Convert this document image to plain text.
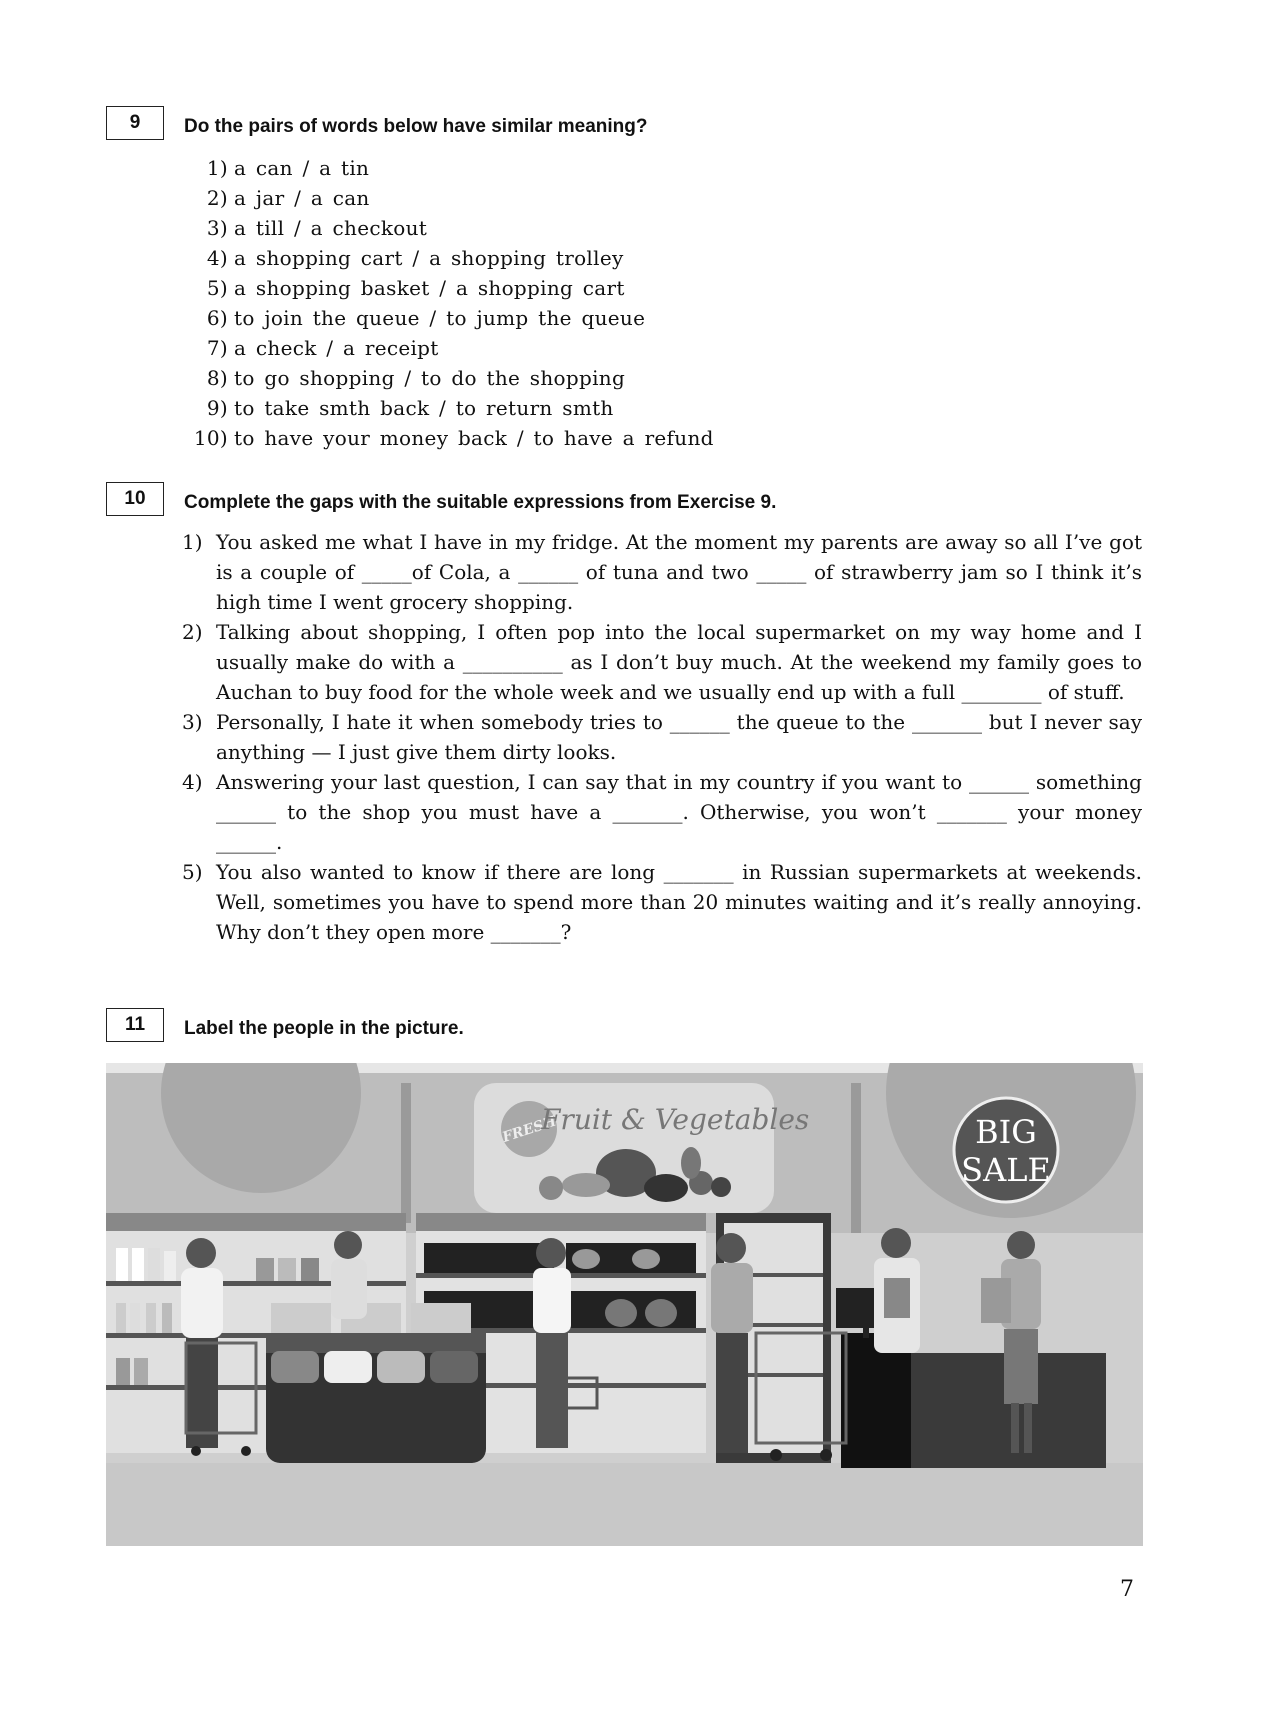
9	Do the pairs of words below have similar meaning?
1) a can / a tin
2) a jar / a can
3) a till / a checkout
4) a shopping cart / a shopping trolley
5) a shopping basket / a shopping cart
6) to join the queue / to jump the queue
7) a check / a receipt
8) to go shopping / to do the shopping
9) to take smth back / to return smth
10) to have your money back / to have a refund
10	Complete the gaps with the suitable expressions from Exercise 9.
1) You asked me what I have in my fridge. At the moment my parents are away so all I’ve got is a couple of _____of Cola, a ______ of tuna and two _____ of strawberry jam so I think it’s high time I went grocery shopping.
2) Talking about shopping, I often pop into the local supermarket on my way home and I usually make do with a __________ as I don’t buy much. At the weekend my family goes to Auchan to buy food for the whole week and we usually end up with a full ________ of stuff.
3) Personally, I hate it when somebody tries to ______ the queue to the _______ but I never say anything — I just give them dirty looks.
4) Answering your last question, I can say that in my country if you want to ______ something ______ to the shop you must have a _______. Otherwise, you won’t _______ your money ______.
5) You also wanted to know if there are long _______ in Russian supermarkets at weekends. Well, sometimes you have to spend more than 20 minutes waiting and it’s really annoying. Why don’t they open more _______?
11	Label the people in the picture.
FRESH
Fruit & Vegetables	BIG
SALE
7
